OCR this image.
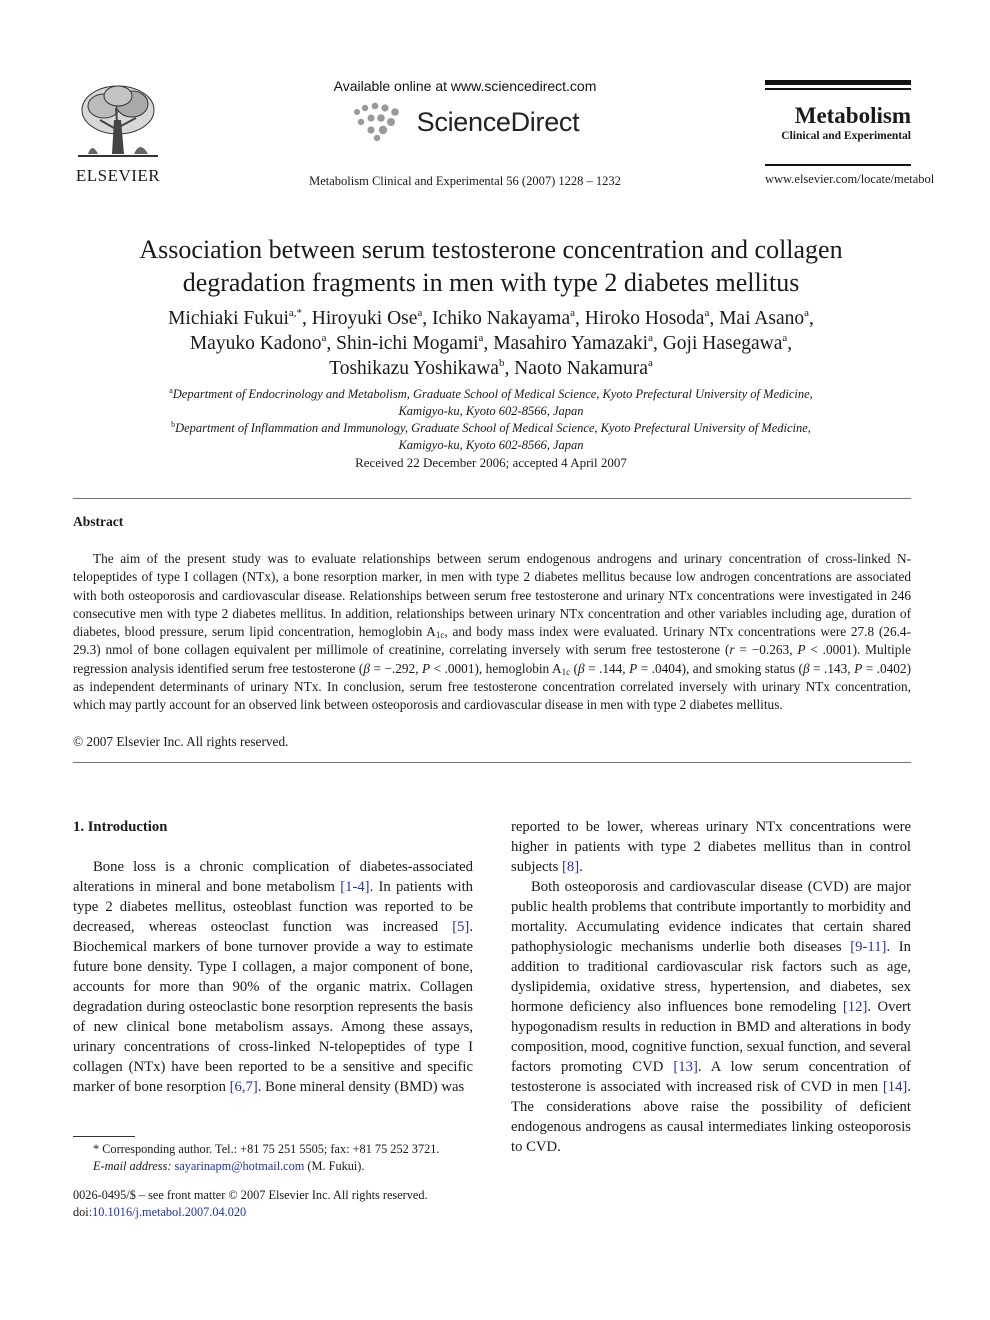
ELSEVIER
Available online at www.sciencedirect.com
ScienceDirect
Metabolism Clinical and Experimental 56 (2007) 1228 – 1232
Metabolism
Clinical and Experimental
www.elsevier.com/locate/metabol
Association between serum testosterone concentration and collagen
degradation fragments in men with type 2 diabetes mellitus
Michiaki Fukui$^{a,*}$, Hiroyuki Ose$^a$, Ichiko Nakayama$^a$, Hiroko Hosoda$^a$, Mai Asano$^a$,
Mayuko Kadono$^a$, Shin-ichi Mogami$^a$, Masahiro Yamazaki$^a$, Goji Hasegawa$^a$,
Toshikazu Yoshikawa$^b$, Naoto Nakamura$^a$
$^a$Department of Endocrinology and Metabolism, Graduate School of Medical Science, Kyoto Prefectural University of Medicine,
Kamigyo-ku, Kyoto 602-8566, Japan
$^b$Department of Inflammation and Immunology, Graduate School of Medical Science, Kyoto Prefectural University of Medicine,
Kamigyo-ku, Kyoto 602-8566, Japan
Received 22 December 2006; accepted 4 April 2007
Abstract
The aim of the present study was to evaluate relationships between serum endogenous androgens and urinary concentration of cross-linked N-telopeptides of type I collagen (NTx), a bone resorption marker, in men with type 2 diabetes mellitus because low androgen concentrations are associated with both osteoporosis and cardiovascular disease. Relationships between serum free testosterone and urinary NTx concentrations were investigated in 246 consecutive men with type 2 diabetes mellitus. In addition, relationships between urinary NTx concentration and other variables including age, duration of diabetes, blood pressure, serum lipid concentration, hemoglobin $A_{1c}$, and body mass index were evaluated. Urinary NTx concentrations were 27.8 (26.4-29.3) nmol of bone collagen equivalent per millimole of creatinine, correlating inversely with serum free testosterone (r = −0.263, P < .0001). Multiple regression analysis identified serum free testosterone (β = −.292, P < .0001), hemoglobin $A_{1c}$ (β = .144, P = .0404), and smoking status (β = .143, P = .0402) as independent determinants of urinary NTx. In conclusion, serum free testosterone concentration correlated inversely with urinary NTx concentration, which may partly account for an observed link between osteoporosis and cardiovascular disease in men with type 2 diabetes mellitus.
© 2007 Elsevier Inc. All rights reserved.
1. Introduction
Bone loss is a chronic complication of diabetes-associated alterations in mineral and bone metabolism [1-4]. In patients with type 2 diabetes mellitus, osteoblast function was reported to be decreased, whereas osteoclast function was increased [5]. Biochemical markers of bone turnover provide a way to estimate future bone density. Type I collagen, a major component of bone, accounts for more than 90% of the organic matrix. Collagen degradation during osteoclastic bone resorption represents the basis of new clinical bone metabolism assays. Among these assays, urinary concentrations of cross-linked N-telopeptides of type I collagen (NTx) have been reported to be a sensitive and specific marker of bone resorption [6,7]. Bone mineral density (BMD) was
reported to be lower, whereas urinary NTx concentrations were higher in patients with type 2 diabetes mellitus than in control subjects [8].
Both osteoporosis and cardiovascular disease (CVD) are major public health problems that contribute importantly to morbidity and mortality. Accumulating evidence indicates that certain shared pathophysiologic mechanisms underlie both diseases [9-11]. In addition to traditional cardiovascular risk factors such as age, dyslipidemia, oxidative stress, hypertension, and diabetes, sex hormone deficiency also influences bone remodeling [12]. Overt hypogonadism results in reduction in BMD and alterations in body composition, mood, cognitive function, sexual function, and several factors promoting CVD [13]. A low serum concentration of testosterone is associated with increased risk of CVD in men [14]. The considerations above raise the possibility of deficient endogenous androgens as causal intermediates linking osteoporosis to CVD.
* Corresponding author. Tel.: +81 75 251 5505; fax: +81 75 252 3721.
E-mail address: sayarinapm@hotmail.com (M. Fukui).
0026-0495/$ – see front matter © 2007 Elsevier Inc. All rights reserved.
doi:10.1016/j.metabol.2007.04.020
